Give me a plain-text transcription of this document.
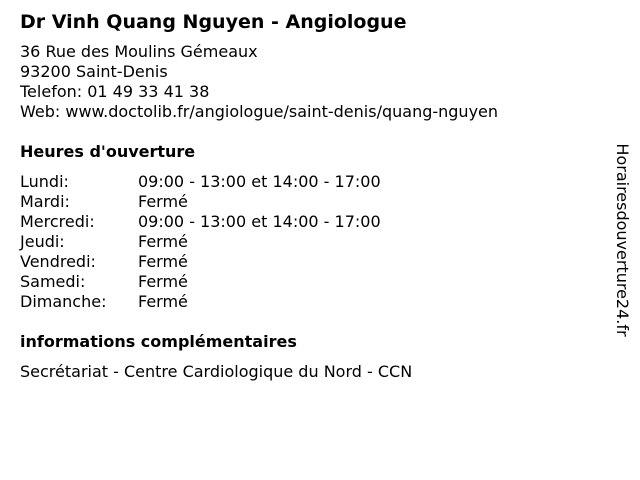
Dr Vinh Quang Nguyen - Angiologue
36 Rue des Moulins Gémeaux
93200 Saint-Denis
Telefon: 01 49 33 41 38
Web: www.doctolib.fr/angiologue/saint-denis/quang-nguyen
Heures d'ouverture
Lundi:	09:00 - 13:00 et 14:00 - 17:00
Mardi:	Fermé
Mercredi:	09:00 - 13:00 et 14:00 - 17:00
Jeudi:	Fermé
Vendredi:	Fermé
Samedi:	Fermé
Dimanche: Fermé
informations complémentaires
Secrétariat - Centre Cardiologique du Nord - CCN
Horairesdouverture24.fr
